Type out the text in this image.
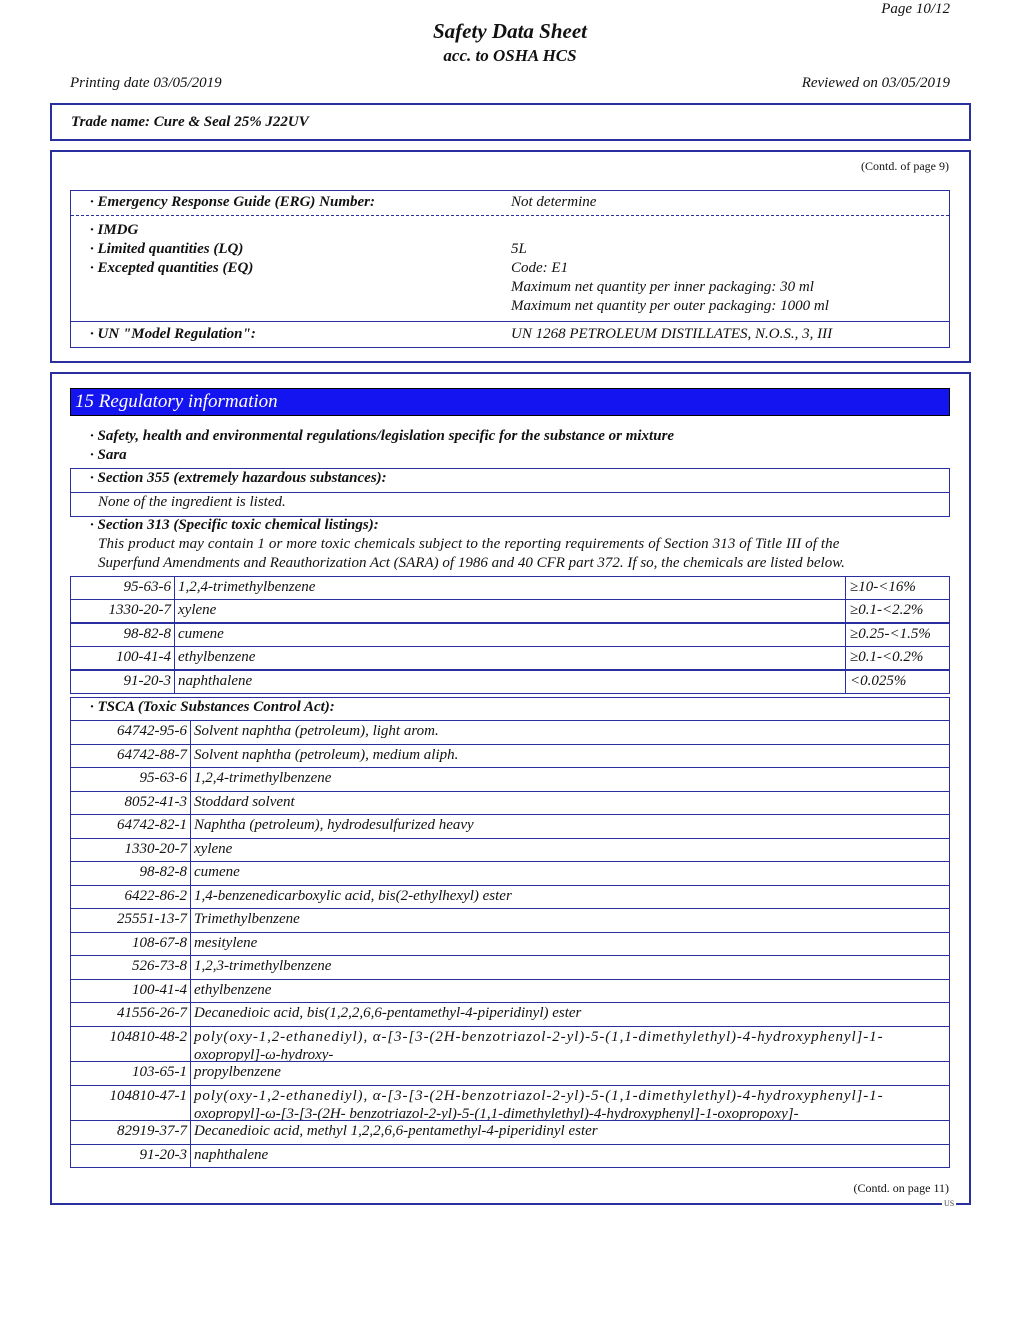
Page 10/12
Safety Data Sheet
acc. to OSHA HCS
Printing date 03/05/2019	Reviewed on 03/05/2019
Trade name: Cure & Seal 25% J22UV
(Contd. of page 9)
· Emergency Response Guide (ERG) Number:	Not determine
· IMDG
· Limited quantities (LQ)	5L
· Excepted quantities (EQ)	Code: E1
Maximum net quantity per inner packaging: 30 ml
Maximum net quantity per outer packaging: 1000 ml
· UN "Model Regulation":	UN 1268 PETROLEUM DISTILLATES, N.O.S., 3, III
15 Regulatory information
· Safety, health and environmental regulations/legislation specific for the substance or mixture
· Sara
· Section 355 (extremely hazardous substances):
None of the ingredient is listed.
· Section 313 (Specific toxic chemical listings):
This product may contain 1 or more toxic chemicals subject to the reporting requirements of Section 313 of Title III of the
Superfund Amendments and Reauthorization Act (SARA) of 1986 and 40 CFR part 372. If so, the chemicals are listed below.
95-63-6 1,2,4-trimethylbenzene	≥10-<16%
1330-20-7 xylene	≥0.1-<2.2%
98-82-8 cumene	≥0.25-<1.5%
100-41-4 ethylbenzene	≥0.1-<0.2%
91-20-3 naphthalene	<0.025%
· TSCA (Toxic Substances Control Act):
64742-95-6 Solvent naphtha (petroleum), light arom.
64742-88-7 Solvent naphtha (petroleum), medium aliph.
95-63-6 1,2,4-trimethylbenzene
8052-41-3 Stoddard solvent
64742-82-1 Naphtha (petroleum), hydrodesulfurized heavy
1330-20-7 xylene
98-82-8 cumene
6422-86-2 1,4-benzenedicarboxylic acid, bis(2-ethylhexyl) ester
25551-13-7 Trimethylbenzene
108-67-8 mesitylene
526-73-8 1,2,3-trimethylbenzene
100-41-4 ethylbenzene
41556-26-7 Decanedioic acid, bis(1,2,2,6,6-pentamethyl-4-piperidinyl) ester
104810-48-2 poly(oxy-1,2-ethanediyl), α-[3-[3-(2H-benzotriazol-2-yl)-5-(1,1-dimethylethyl)-4-hydroxyphenyl]-1-
oxopropyl]-ω-hydroxy-
103-65-1 propylbenzene
104810-47-1 poly(oxy-1,2-ethanediyl), α-[3-[3-(2H-benzotriazol-2-yl)-5-(1,1-dimethylethyl)-4-hydroxyphenyl]-1-
oxopropyl]-ω-[3-[3-(2H- benzotriazol-2-yl)-5-(1,1-dimethylethyl)-4-hydroxyphenyl]-1-oxopropoxy]-
82919-37-7 Decanedioic acid, methyl 1,2,2,6,6-pentamethyl-4-piperidinyl ester
91-20-3 naphthalene
(Contd. on page 11)
US
